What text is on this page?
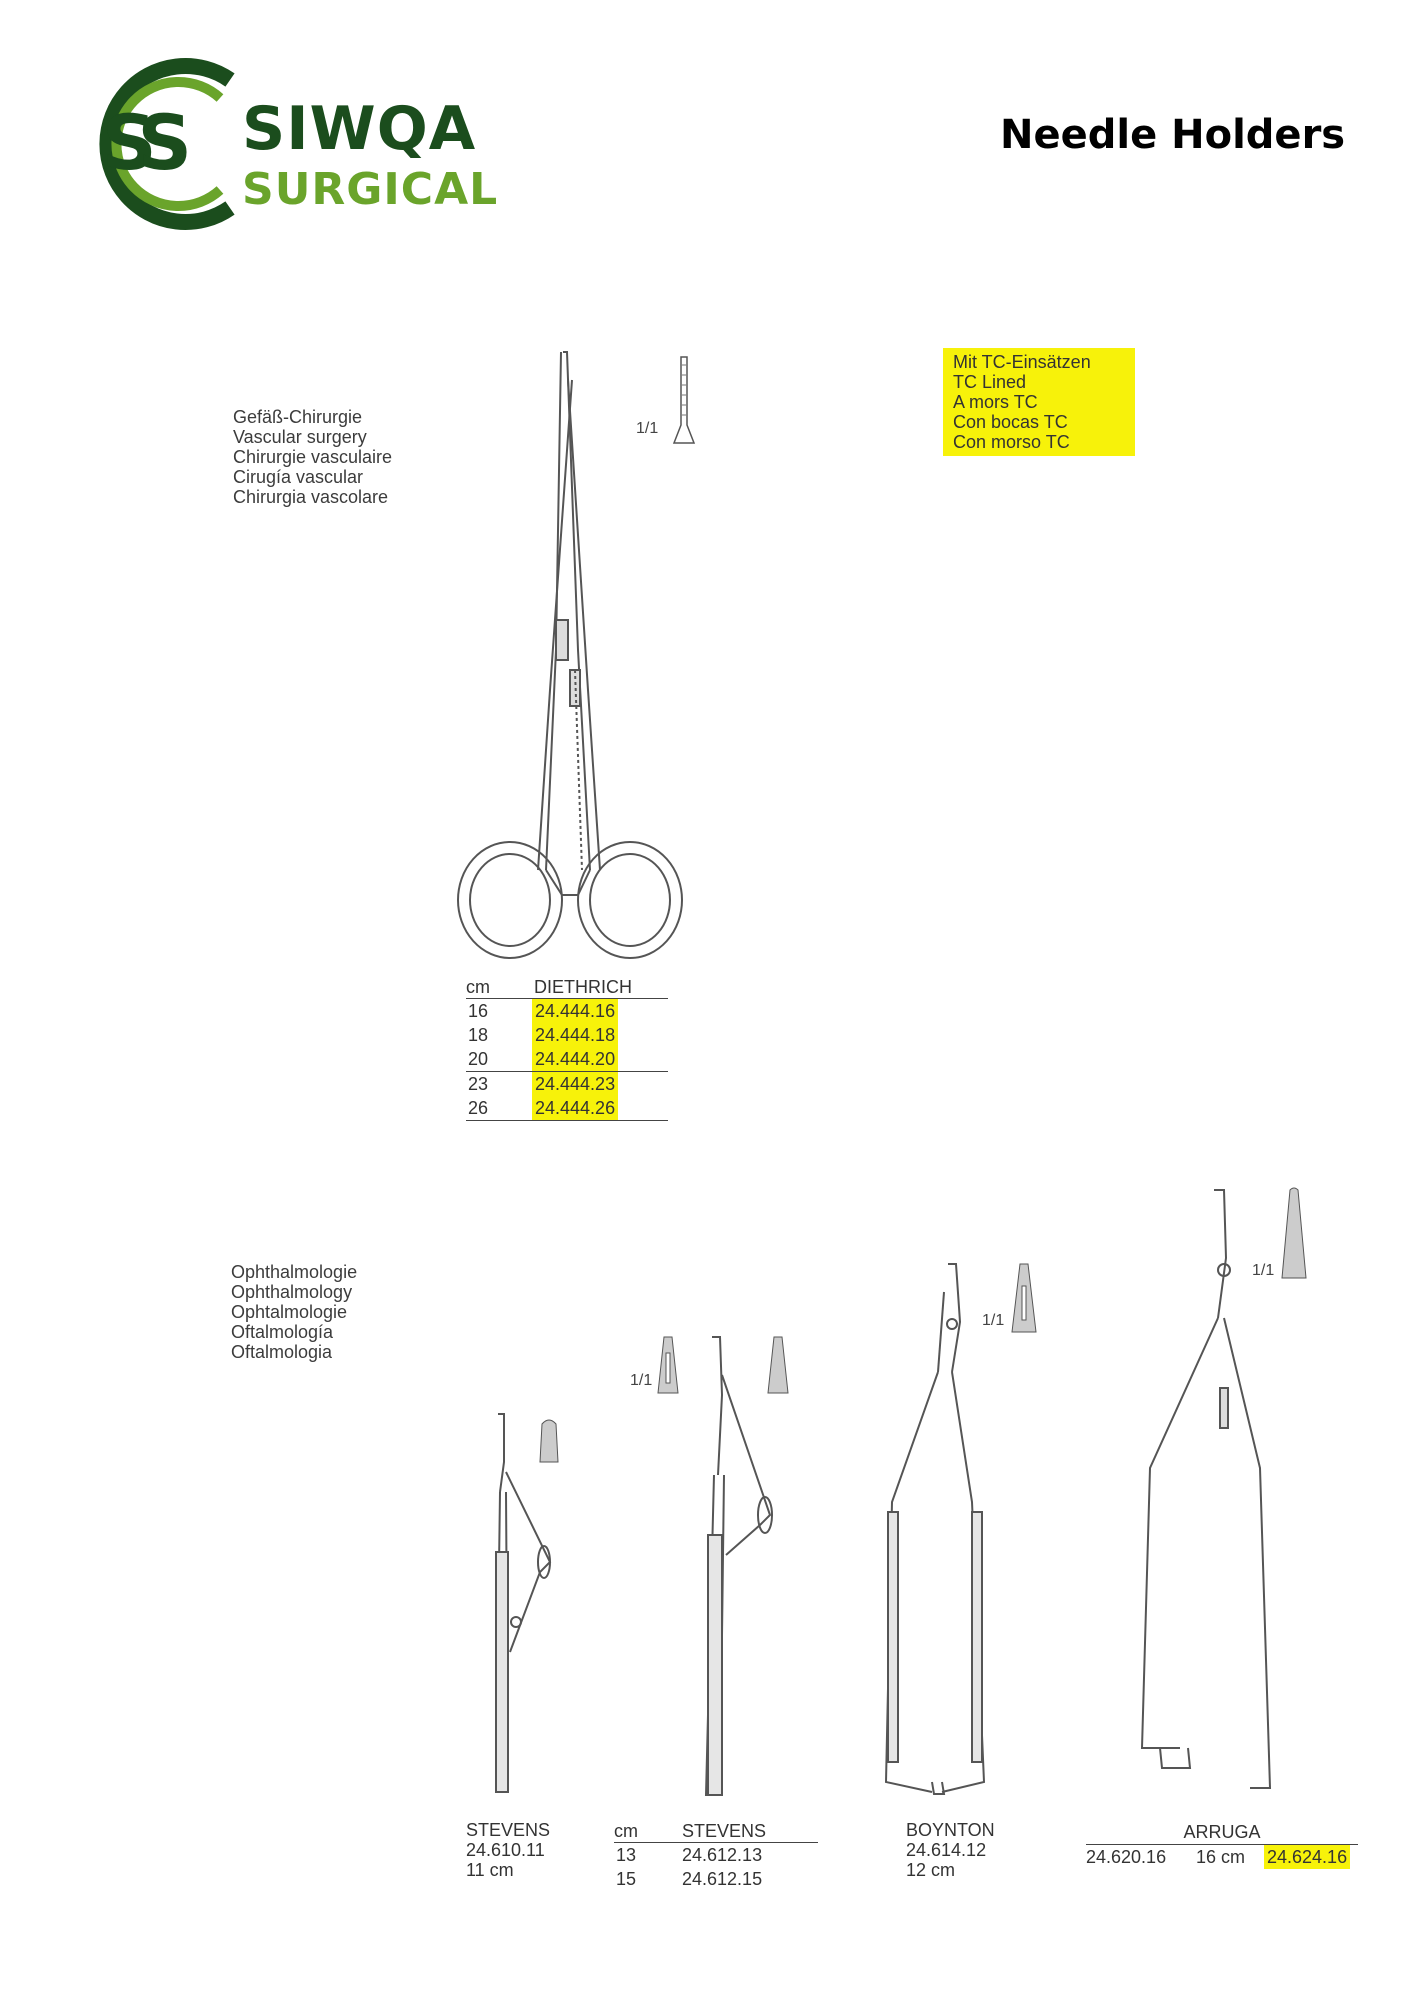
SS SIWQA
SURGICAL
Needle Holders
Gefäß-Chirurgie
Vascular surgery
Chirurgie vasculaire
Cirugía vascular
Chirurgia vascolare
Mit TC-Einsätzen
TC Lined
A mors TC
Con bocas TC
Con morso TC
1/1
cm DIETHRICH
16	24.444.16
18	24.444.18
20	24.444.20
23	24.444.23
26	24.444.26
Ophthalmologie
Ophthalmology
Ophtalmologie
Oftalmología
Oftalmologia
1/1
1/1
1/1
STEVENS
24.610.11
11 cm
cm STEVENS
13	24.612.13
15	24.612.15
BOYNTON
24.614.12
12 cm
ARRUGA
24.620.16 16 cm 24.624.16
